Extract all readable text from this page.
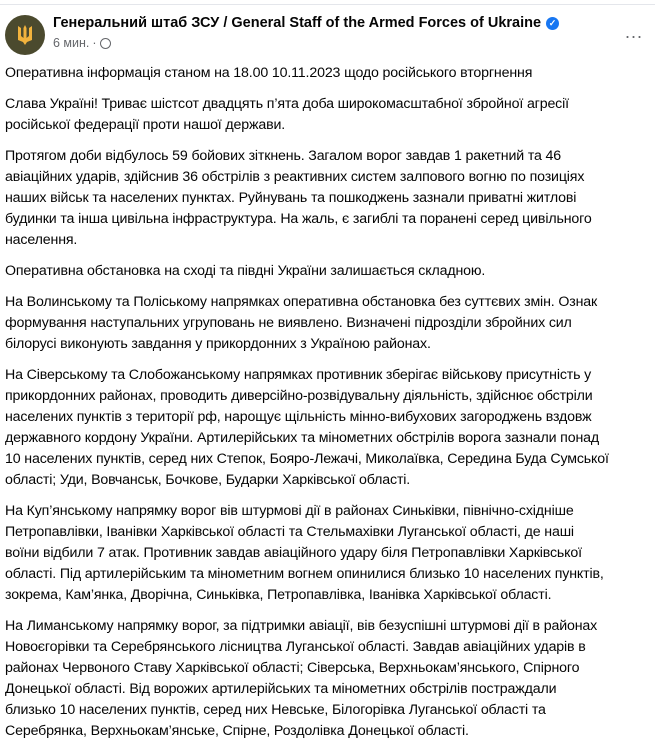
Генеральний штаб ЗСУ / General Staff of the Armed Forces of Ukraine ✓
6 мин. ·
...
Оперативна інформація станом на 18.00 10.11.2023 щодо російського вторгнення
Слава Україні! Триває шістсот двадцять п’ята доба широкомасштабної збройної агресії
російської федерації проти нашої держави.
Протягом доби відбулось 59 бойових зіткнень. Загалом ворог завдав 1 ракетний та 46
авіаційних ударів, здійснив 36 обстрілів з реактивних систем залпового вогню по позиціях
наших військ та населених пунктах. Руйнувань та пошкоджень зазнали приватні житлові
будинки та інша цивільна інфраструктура. На жаль, є загиблі та поранені серед цивільного
населення.
Оперативна обстановка на сході та півдні України залишається складною.
На Волинському та Поліському напрямках оперативна обстановка без суттєвих змін. Ознак
формування наступальних угруповань не виявлено. Визначені підрозділи збройних сил
білорусі виконують завдання у прикордонних з Україною районах.
На Сіверському та Слобожанському напрямках противник зберігає військову присутність у
прикордонних районах, проводить диверсійно-розвідувальну діяльність, здійснює обстріли
населених пунктів з території рф, нарощує щільність мінно-вибухових загороджень вздовж
державного кордону України. Артилерійських та мінометних обстрілів ворога зазнали понад
10 населених пунктів, серед них Степок, Бояро-Лежачі, Миколаївка, Середина Буда Сумської
області; Уди, Вовчанськ, Бочкове, Бударки Харківської області.
На Куп’янському напрямку ворог вів штурмові дії в районах Синьківки, північно-східніше
Петропавлівки, Іванівки Харківської області та Стельмахівки Луганської області, де наші
воїни відбили 7 атак. Противник завдав авіаційного удару біля Петропавлівки Харківської
області. Під артилерійським та мінометним вогнем опинилися близько 10 населених пунктів,
зокрема, Кам’янка, Дворічна, Синьківка, Петропавлівка, Іванівка Харківської області.
На Лиманському напрямку ворог, за підтримки авіації, вів безуспішні штурмові дії в районах
Новоєгорівки та Серебрянського лісництва Луганської області. Завдав авіаційних ударів в
районах Червоного Ставу Харківської області; Сіверська, Верхньокам’янського, Спірного
Донецької області. Від ворожих артилерійських та мінометних обстрілів постраждали
близько 10 населених пунктів, серед них Невське, Білогорівка Луганської області та
Серебрянка, Верхньокам’янське, Спірне, Роздолівка Донецької області.
